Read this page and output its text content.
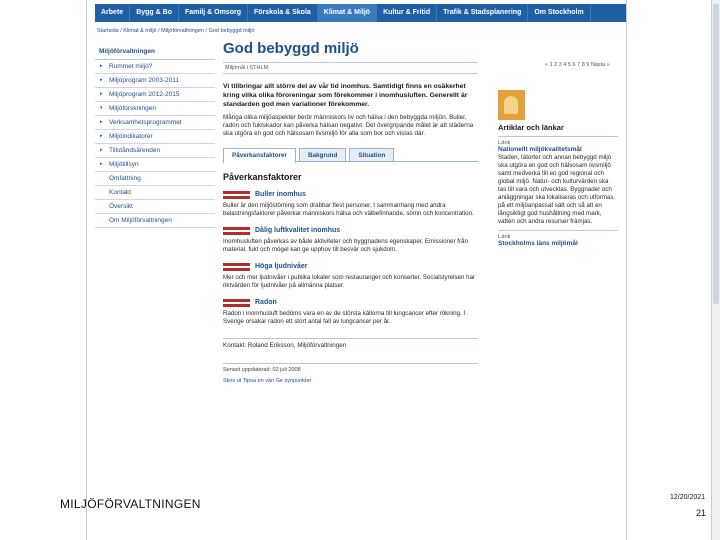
Arbete	Bygg & Bo	Familj & Omsorg	Förskola & Skola	Klimat & Miljö	Kultur & Fritid	Trafik & Stadsplanering	Om Stockholm
Startsida / Klimat & miljö / Miljöförvaltningen / God bebyggd miljö
Miljöförvaltningen
▸ Rummet miljö?
▸ Miljöprogram 2003-2011
▸ Miljöprogram 2012-2015
▾ Miljöforskningen
▸ Verksamhetsprogrammet
▸ Miljöindikatorer
▸ Tillståndsärenden
▸ Miljötillsyn
Omfattning
Kontakt
Översikt
Om Miljöförvaltningen
God bebyggd miljö
Miljömål i STHLM
Vi tillbringar allt större del av vår tid inomhus. Samtidigt finns en osäkerhet kring vilka olika föroreningar som förekommer i inomhusluften. Generellt är standarden god men variationer förekommer.
Många olika miljöaspekter berör människors liv och hälsa i den bebyggda miljön. Buller, radon och fuktskador kan påverka hälsan negativt. Det övergripande målet är att städerna ska utgöra en god och hälsosam livsmiljö för alla som bor och vistas där.
Påverkansfaktorer	Bakgrund	Situation
Påverkansfaktorer
Buller inomhus
Buller är den miljöstörning som drabbar flest personer. I sammanhang med andra belastningsfaktorer påverkar människors hälsa och välbefinnande, sömn och koncentration.
Dålig luftkvalitet inomhus
Inomhusluften påverkas av både aktiviteter och byggnadens egenskaper. Emissioner från material, fukt och mögel kan ge upphov till besvär och sjukdom.
Höga ljudnivåer
Mer och mer ljudnivåer i publika lokaler som restauranger och konserter. Socialstyrelsen har riktvärden för ljudnivåer på allmänna platser.
Radon
Radon i inomhusluft bedöms vara en av de största källorna till lungcancer efter rökning. I Sverige orsakar radon ett stort antal fall av lungcancer per år.
Kontakt: Roland Eriksson, Miljöförvaltningen
Senast uppdaterad: 02 juli 2008
Skriv ut Tipsa en vän Ge synpunkter
« 1 2 3 4 5 6 7 8 9 Nästa »
Artiklar och länkar
Länk
Nationellt miljökvalitetsmål
Staden, tätorter och annan bebyggd miljö ska utgöra en god och hälsosam livsmiljö samt medverka till en god regional och global miljö. Natur- och kulturvärden ska tas till vara och utvecklas. Byggnader och anläggningar ska lokaliseras och utformas på ett miljöanpassat sätt och så att en långsiktigt god hushållning med mark, vatten och andra resurser främjas.
Länk
Stockholms läns miljömål
MILJÖFÖRVALTNINGEN	12/20/2021
21
